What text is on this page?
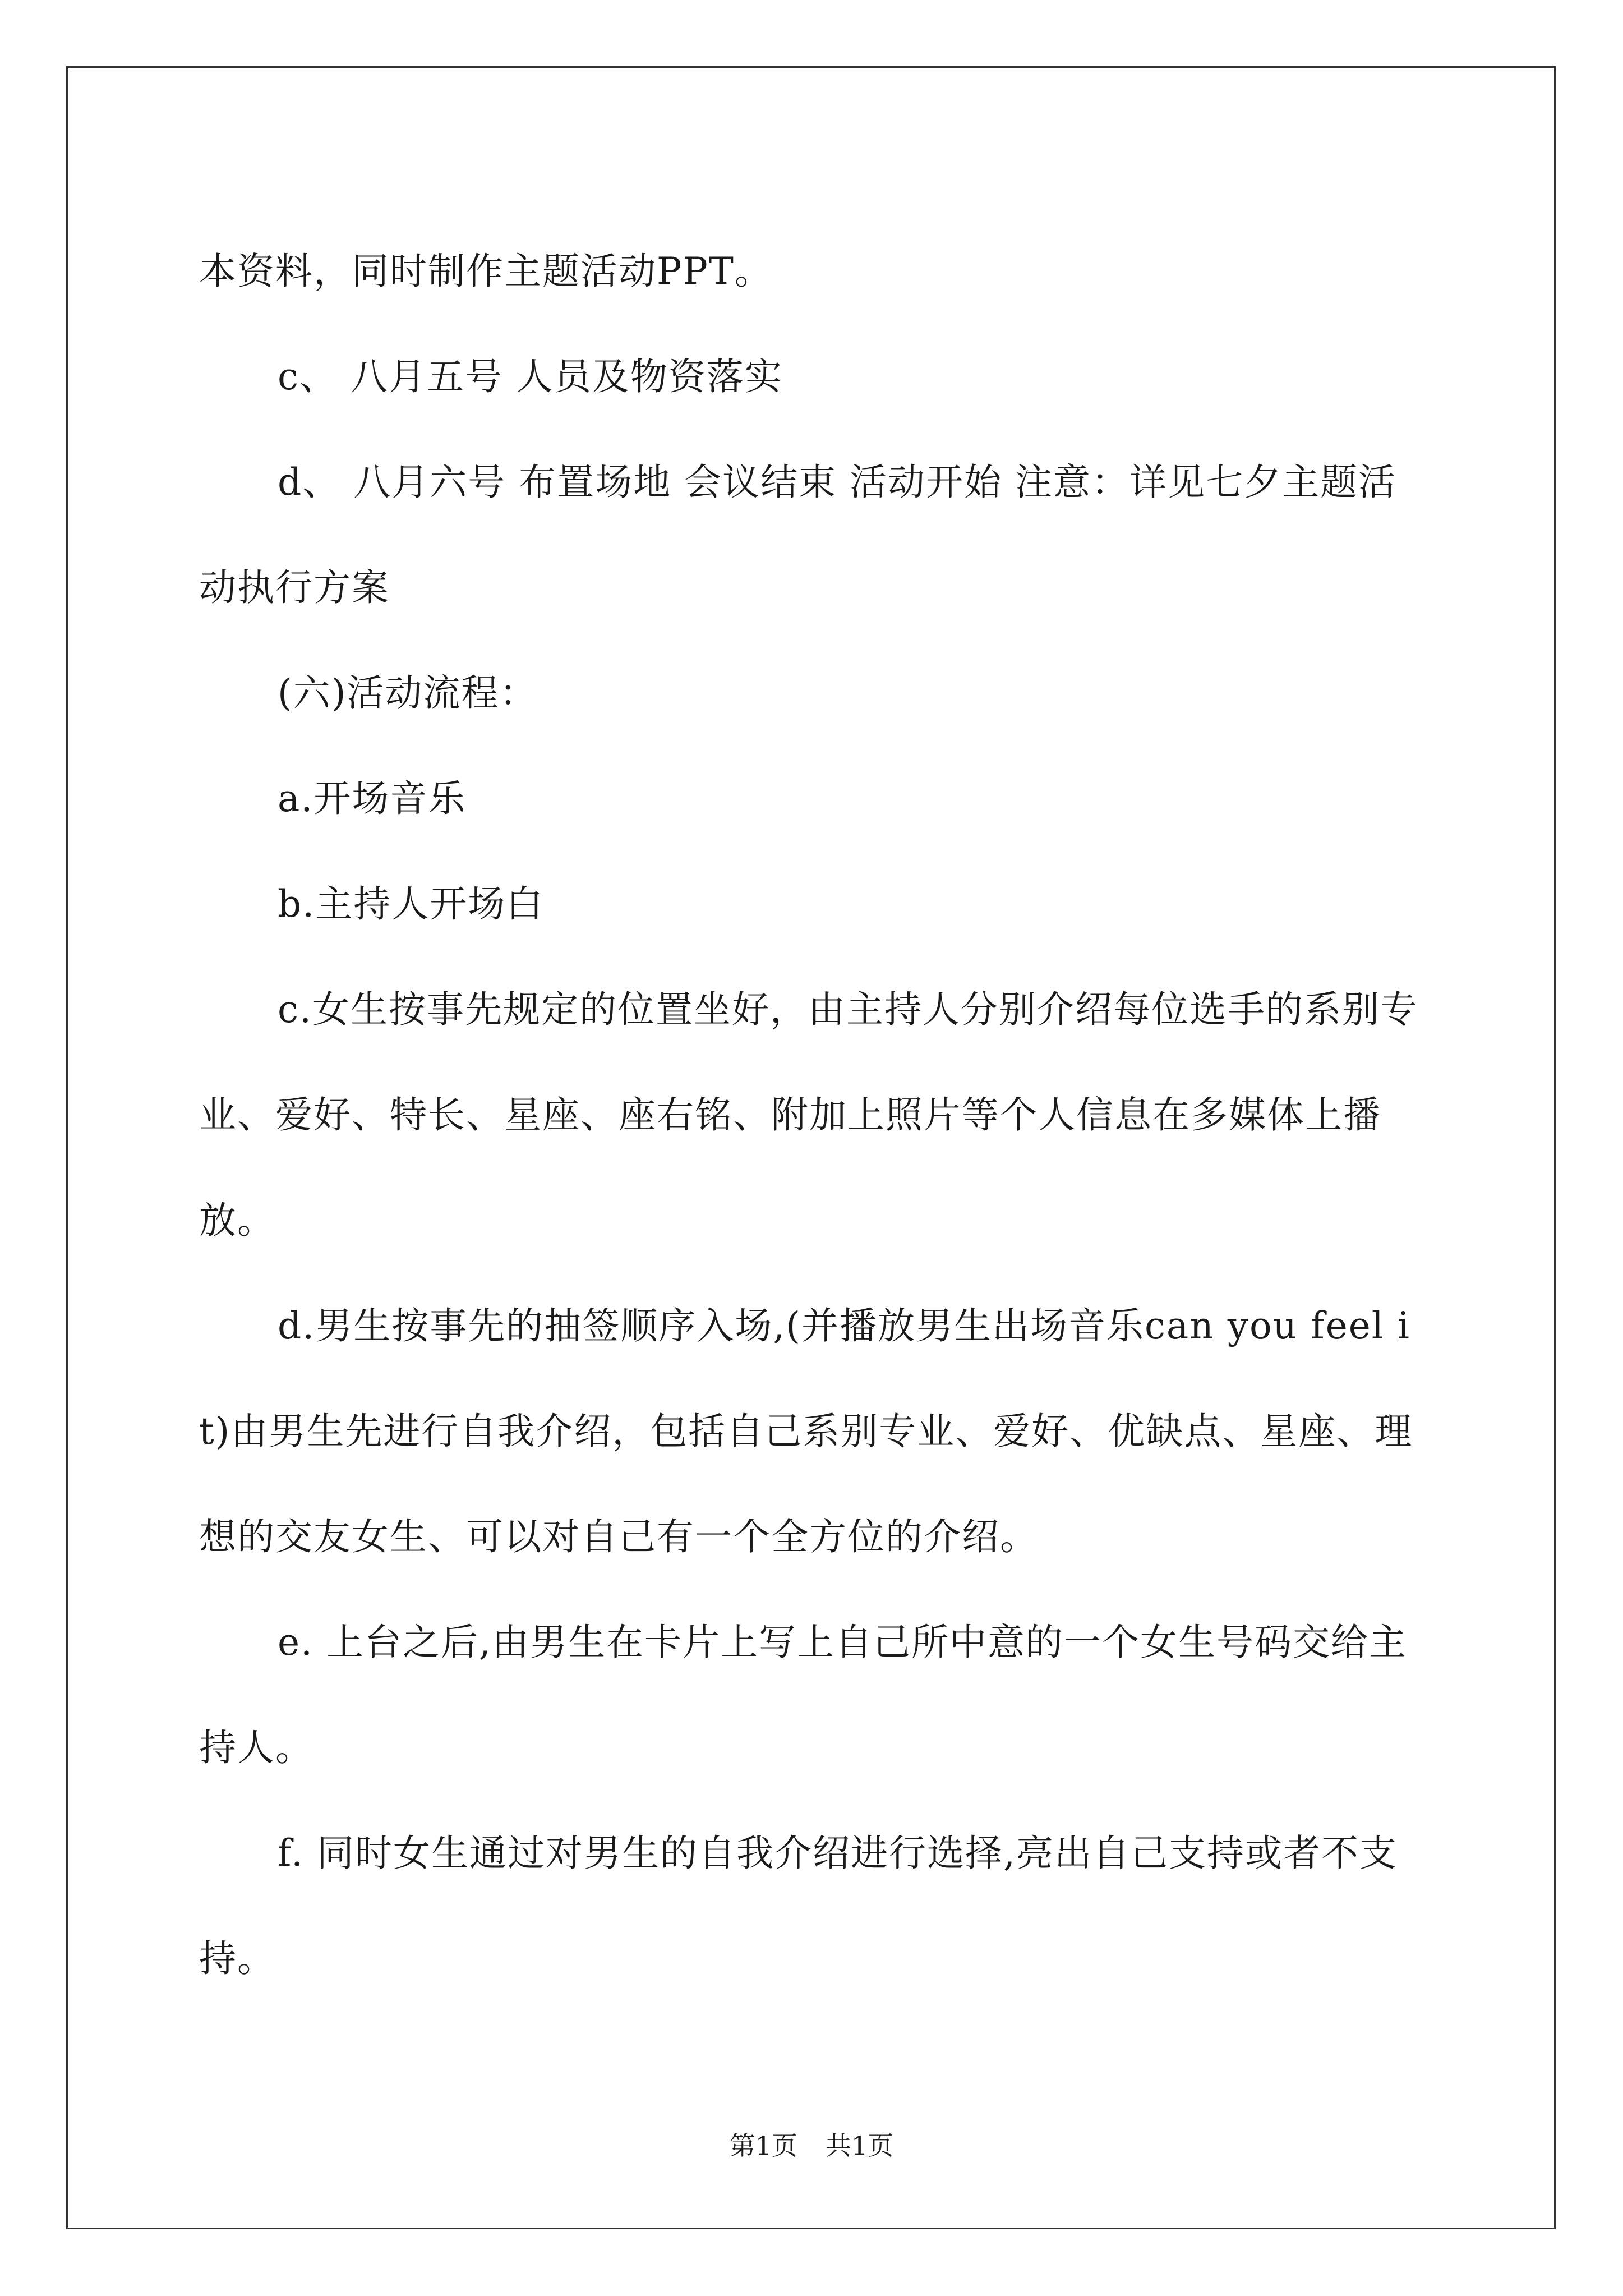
本资料，同时制作主题活动PPT。

c、 八月五号 人员及物资落实

d、 八月六号 布置场地 会议结束 活动开始 注意：详见七夕主题活动执行方案

(六)活动流程：

a.开场音乐

b.主持人开场白

c.女生按事先规定的位置坐好，由主持人分别介绍每位选手的系别专业、爱好、特长、星座、座右铭、附加上照片等个人信息在多媒体上播放。

d.男生按事先的抽签顺序入场,(并播放男生出场音乐can you feel it)由男生先进行自我介绍，包括自己系别专业、爱好、优缺点、星座、理想的交友女生、可以对自己有一个全方位的介绍。

e. 上台之后,由男生在卡片上写上自己所中意的一个女生号码交给主持人。

f. 同时女生通过对男生的自我介绍进行选择,亮出自己支持或者不支持。

第1页 共1页
